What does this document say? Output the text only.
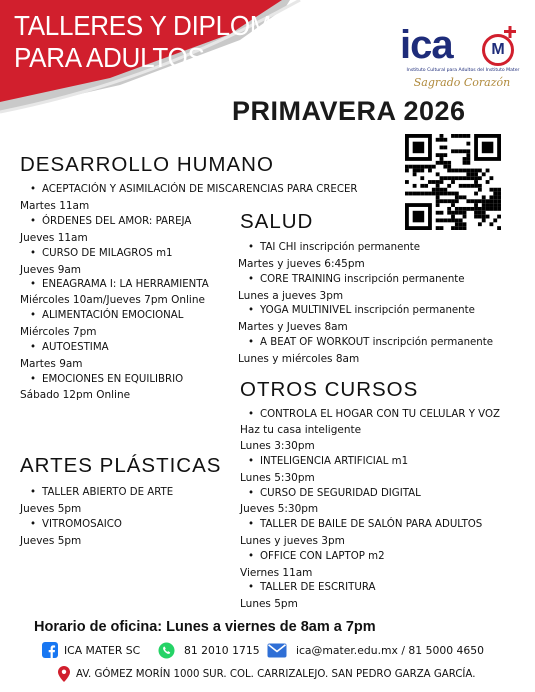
TALLERES Y DIPLOMADOS
PARA ADULTOS	ica	M
Instituto Cultural para Adultos del Instituto Mater
Sagrado Corazón
PRIMAVERA 2026
DESARROLLO HUMANO
• ACEPTACIÓN Y ASIMILACIÓN DE MISCARENCIAS PARA CRECER
Martes 11am
• ÓRDENES DEL AMOR: PAREJA
Jueves 11am
• CURSO DE MILAGROS m1
Jueves 9am
• ENEAGRAMA I: LA HERRAMIENTA
Miércoles 10am/Jueves 7pm Online
• ALIMENTACIÓN EMOCIONAL
Miércoles 7pm
• AUTOESTIMA
Martes 9am
• EMOCIONES EN EQUILIBRIO
Sábado 12pm Online
ARTES PLÁSTICAS
• TALLER ABIERTO DE ARTE
Jueves 5pm
• VITROMOSAICO
Jueves 5pm
SALUD
• TAI CHI inscripción permanente
Martes y jueves 6:45pm
• CORE TRAINING inscripción permanente
Lunes a jueves 3pm
• YOGA MULTINIVEL inscripción permanente
Martes y Jueves 8am
• A BEAT OF WORKOUT inscripción permanente
Lunes y miércoles 8am
OTROS CURSOS
• CONTROLA EL HOGAR CON TU CELULAR Y VOZ
Haz tu casa inteligente
Lunes 3:30pm
• INTELIGENCIA ARTIFICIAL m1
Lunes 5:30pm
• CURSO DE SEGURIDAD DIGITAL
Jueves 5:30pm
• TALLER DE BAILE DE SALÓN PARA ADULTOS
Lunes y jueves 3pm
• OFFICE CON LAPTOP m2
Viernes 11am
• TALLER DE ESCRITURA
Lunes 5pm
Horario de oficina: Lunes a viernes de 8am a 7pm
ICA MATER SC	81 2010 1715	ica@mater.edu.mx / 81 5000 4650
AV. GÓMEZ MORÍN 1000 SUR. COL. CARRIZALEJO. SAN PEDRO GARZA GARCÍA.
